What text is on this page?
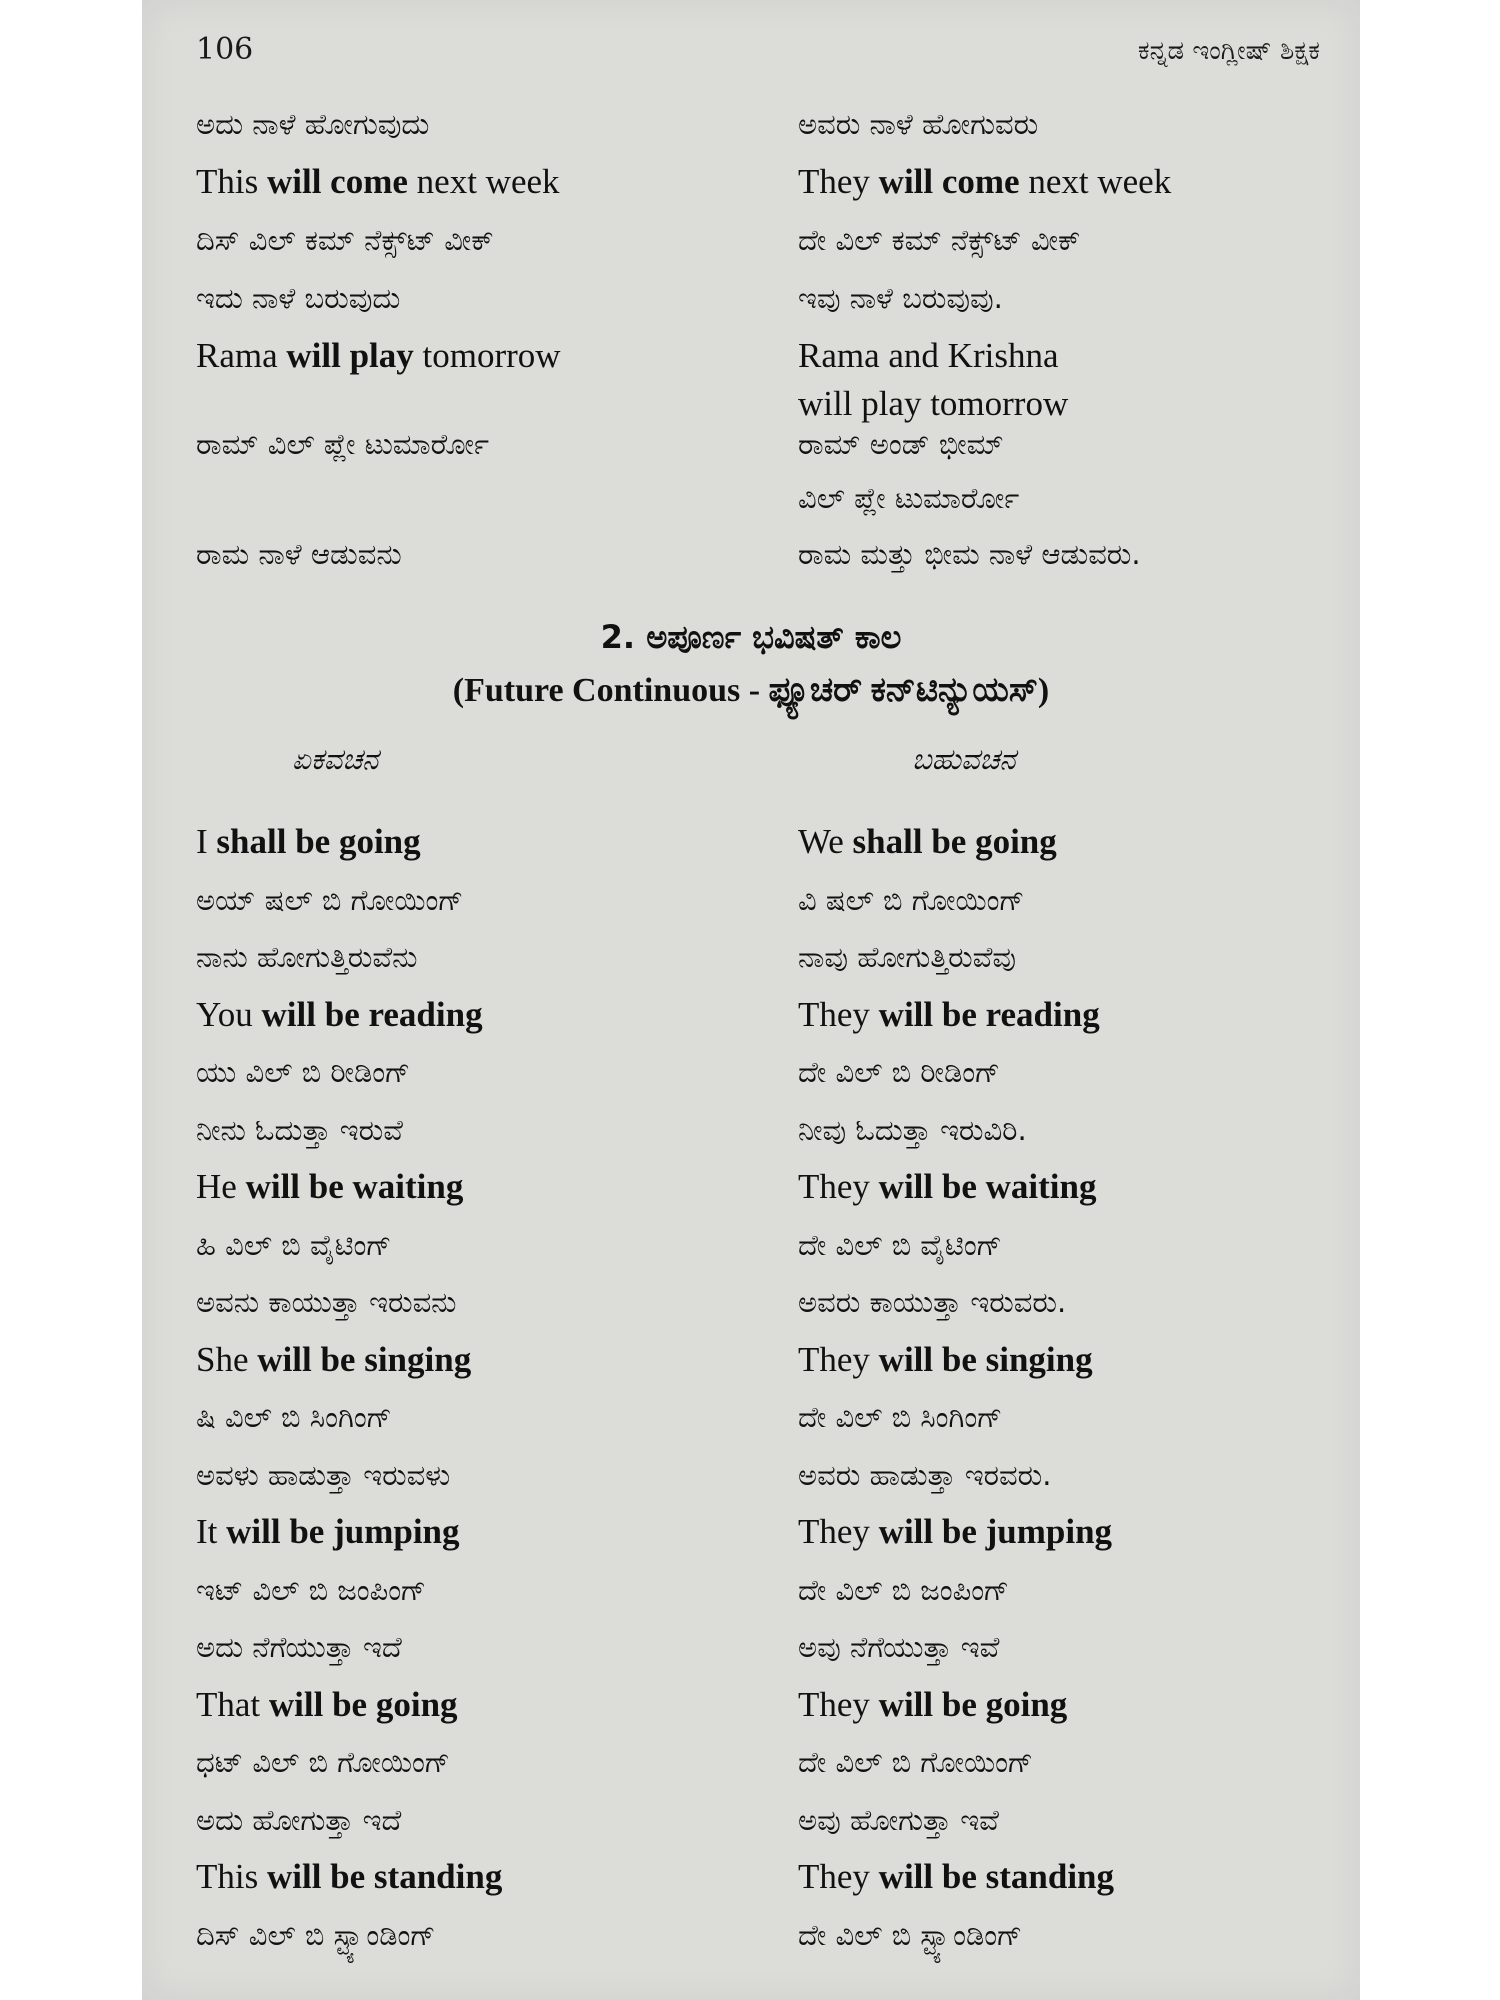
106	ಕನ್ನಡ ಇಂಗ್ಲೀಷ್ ಶಿಕ್ಷಕ
ಅದು ನಾಳೆ ಹೋಗುವುದು
This will come next week
ದಿಸ್ ವಿಲ್ ಕಮ್ ನೆಕ್ಸ್‌ಟ್ ವೀಕ್
ಇದು ನಾಳೆ ಬರುವುದು
Rama will play tomorrow
ರಾಮ್ ವಿಲ್ ಪ್ಲೇ ಟುಮಾರ್ರೋ
ರಾಮ ನಾಳೆ ಆಡುವನು
ಅವರು ನಾಳೆ ಹೋಗುವರು
They will come next week
ದೇ ವಿಲ್ ಕಮ್ ನೆಕ್ಸ್‌ಟ್ ವೀಕ್
ಇವು ನಾಳೆ ಬರುವುವು.
Rama and Krishna
will play tomorrow
ರಾಮ್ ಅಂಡ್ ಭೀಮ್
ವಿಲ್ ಪ್ಲೇ ಟುಮಾರ್ರೋ
ರಾಮ ಮತ್ತು ಭೀಮ ನಾಳೆ ಆಡುವರು.
2. ಅಪೂರ್ಣ ಭವಿಷತ್ ಕಾಲ
(Future Continuous - ಫ್ಯೂಚರ್ ಕನ್‌ಟಿನ್ಯುಯಸ್)
ಏಕವಚನ	ಬಹುವಚನ
I shall be going
ಅಯ್ ಷಲ್ ಬಿ ಗೋಯಿಂಗ್
ನಾನು ಹೋಗುತ್ತಿರುವೆನು
You will be reading
ಯು ವಿಲ್ ಬಿ ರೀಡಿಂಗ್
ನೀನು ಓದುತ್ತಾ ಇರುವೆ
He will be waiting
ಹಿ ವಿಲ್ ಬಿ ವೈಟಿಂಗ್
ಅವನು ಕಾಯುತ್ತಾ ಇರುವನು
She will be singing
ಷಿ ವಿಲ್ ಬಿ ಸಿಂಗಿಂಗ್
ಅವಳು ಹಾಡುತ್ತಾ ಇರುವಳು
It will be jumping
ಇಟ್ ವಿಲ್ ಬಿ ಜಂಪಿಂಗ್
ಅದು ನೆಗೆಯುತ್ತಾ ಇದೆ
That will be going
ಧಟ್ ವಿಲ್ ಬಿ ಗೋಯಿಂಗ್
ಅದು ಹೋಗುತ್ತಾ ಇದೆ
This will be standing
ದಿಸ್ ವಿಲ್ ಬಿ ಸ್ಟ್ಯಾಂಡಿಂಗ್
We shall be going
ವಿ ಷಲ್ ಬಿ ಗೋಯಿಂಗ್
ನಾವು ಹೋಗುತ್ತಿರುವೆವು
They will be reading
ದೇ ವಿಲ್ ಬಿ ರೀಡಿಂಗ್
ನೀವು ಓದುತ್ತಾ ಇರುವಿರಿ.
They will be waiting
ದೇ ವಿಲ್ ಬಿ ವೈಟಿಂಗ್
ಅವರು ಕಾಯುತ್ತಾ ಇರುವರು.
They will be singing
ದೇ ವಿಲ್ ಬಿ ಸಿಂಗಿಂಗ್
ಅವರು ಹಾಡುತ್ತಾ ಇರವರು.
They will be jumping
ದೇ ವಿಲ್ ಬಿ ಜಂಪಿಂಗ್
ಅವು ನೆಗೆಯುತ್ತಾ ಇವೆ
They will be going
ದೇ ವಿಲ್ ಬಿ ಗೋಯಿಂಗ್
ಅವು ಹೋಗುತ್ತಾ ಇವೆ
They will be standing
ದೇ ವಿಲ್ ಬಿ ಸ್ಟ್ಯಾಂಡಿಂಗ್
